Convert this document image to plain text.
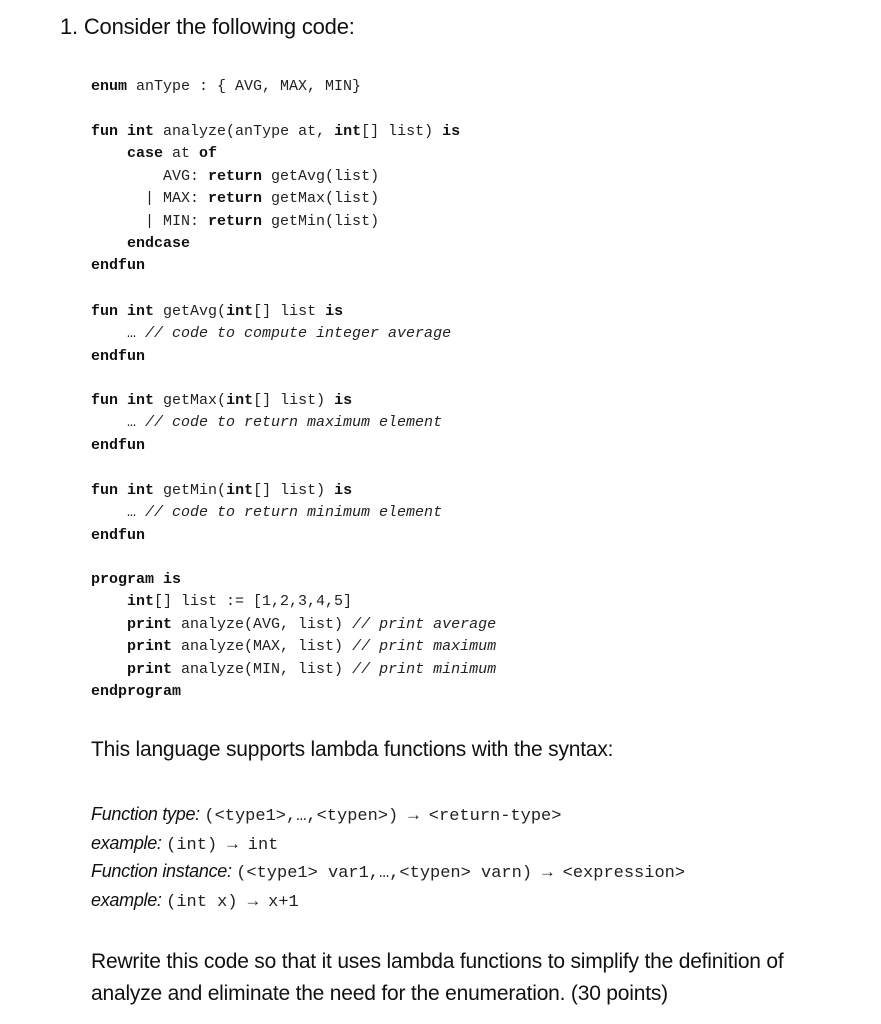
1. Consider the following code:
enum anType : { AVG, MAX, MIN}
fun int analyze(anType at, int[] list) is
case at of
AVG: return getAvg(list)
| MAX: return getMax(list)
| MIN: return getMin(list)
endcase
endfun
fun int getAvg(int[] list is
… // code to compute integer average
endfun
fun int getMax(int[] list) is
… // code to return maximum element
endfun
fun int getMin(int[] list) is
… // code to return minimum element
endfun
program is
int[] list := [1,2,3,4,5]
print analyze(AVG, list) // print average
print analyze(MAX, list) // print maximum
print analyze(MIN, list) // print minimum
endprogram
This language supports lambda functions with the syntax:
Function type: (<type1>,…,<typen>) → <return-type>
example: (int) → int
Function instance: (<type1> var1,…,<typen> varn) → <expression>
example: (int x) → x+1
Rewrite this code so that it uses lambda functions to simplify the definition of analyze and eliminate the need for the enumeration. (30 points)
